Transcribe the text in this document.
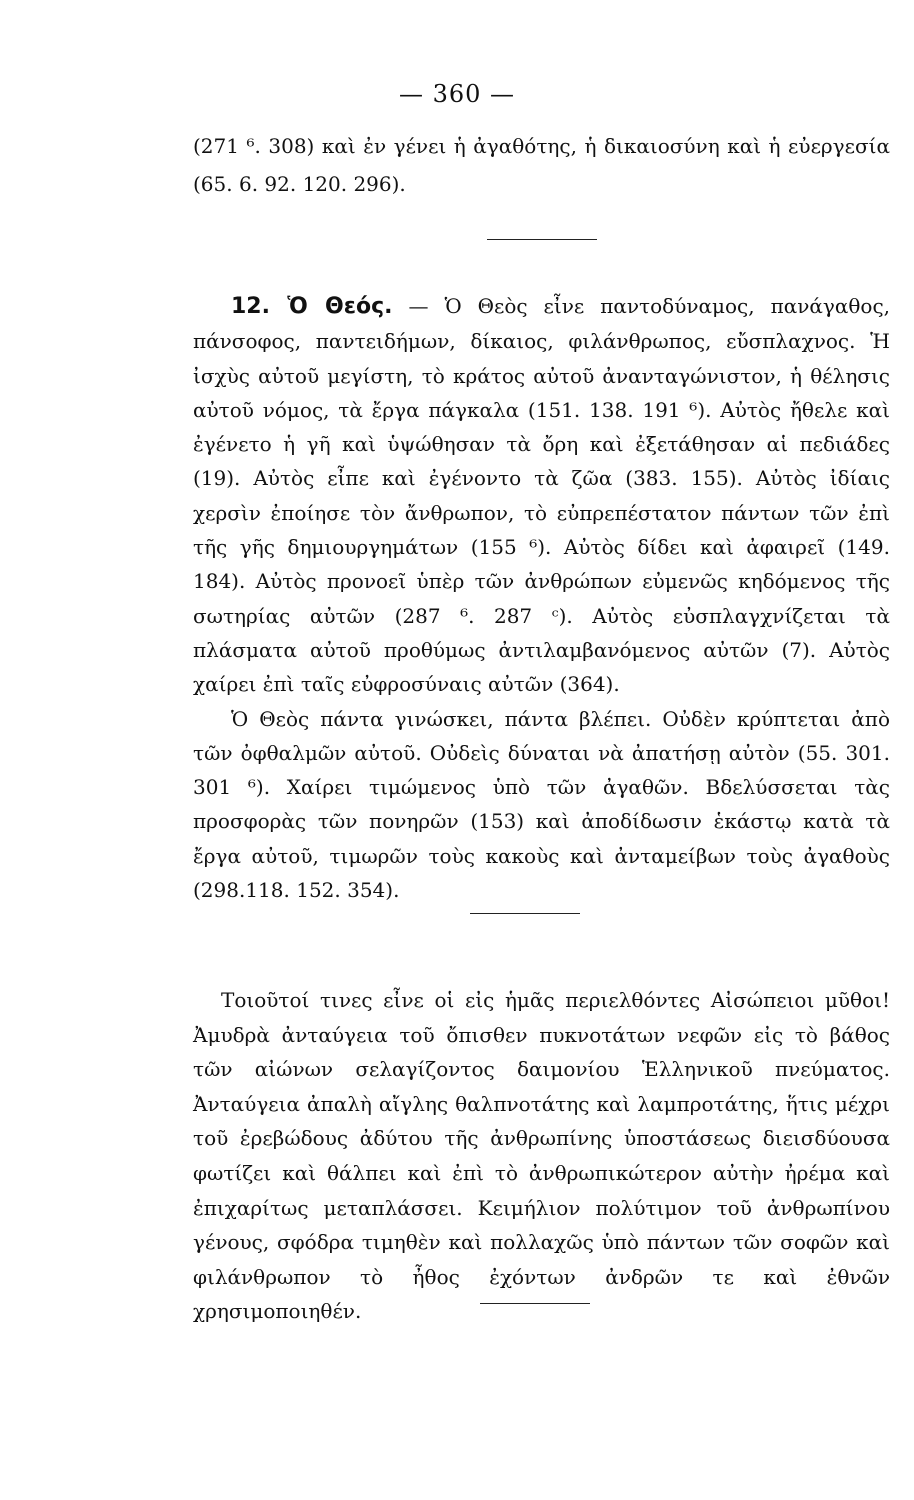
— 360 —

(271 ⁶. 308) καὶ ἐν γένει ἡ ἀγαθότης, ἡ δικαιοσύνη καὶ ἡ εὐεργεσία (65. 6. 92. 120. 296).

12. Ὁ Θεός. — Ὁ Θεὸς εἶνε παντοδύναμος, πανάγαθος, πάνσοφος, παντειδήμων, δίκαιος, φιλάνθρωπος, εὔσπλαχνος. Ἡ ἰσχὺς αὐτοῦ μεγίστη, τὸ κράτος αὐτοῦ ἀνανταγώνιστον, ἡ θέλησις αὐτοῦ νόμος, τὰ ἔργα πάγκαλα (151. 138. 191 ⁶). Αὐτὸς ἤθελε καὶ ἐγένετο ἡ γῆ καὶ ὑψώθησαν τὰ ὄρη καὶ ἐξετάθησαν αἱ πεδιάδες (19). Αὐτὸς εἶπε καὶ ἐγένοντο τὰ ζῶα (383. 155). Αὐτὸς ἰδίαις χερσὶν ἐποίησε τὸν ἄνθρωπον, τὸ εὐπρεπέστατον πάντων τῶν ἐπὶ τῆς γῆς δημιουργημάτων (155 ⁶). Αὐτὸς δίδει καὶ ἀφαιρεῖ (149. 184). Αὐτὸς προνοεῖ ὑπὲρ τῶν ἀνθρώπων εὐμενῶς κηδόμενος τῆς σωτηρίας αὐτῶν (287 ⁶. 287 ᶜ). Αὐτὸς εὐσπλαγχνίζεται τὰ πλάσματα αὐτοῦ προθύμως ἀντιλαμβανόμενος αὐτῶν (7). Αὐτὸς χαίρει ἐπὶ ταῖς εὐφροσύναις αὐτῶν (364).

Ὁ Θεὸς πάντα γινώσκει, πάντα βλέπει. Οὐδὲν κρύπτεται ἀπὸ τῶν ὀφθαλμῶν αὐτοῦ. Οὐδεὶς δύναται νὰ ἀπατήσῃ αὐτὸν (55. 301. 301 ⁶). Χαίρει τιμώμενος ὑπὸ τῶν ἀγαθῶν. Βδελύσσεται τὰς προσφορὰς τῶν πονηρῶν (153) καὶ ἀποδίδωσιν ἑκάστῳ κατὰ τὰ ἔργα αὐτοῦ, τιμωρῶν τοὺς κακοὺς καὶ ἀνταμείβων τοὺς ἀγαθοὺς (298.118. 152. 354).

Τοιοῦτοί τινες εἶνε οἱ εἰς ἡμᾶς περιελθόντες Αἰσώπειοι μῦθοι! Ἀμυδρὰ ἀνταύγεια τοῦ ὄπισθεν πυκνοτάτων νεφῶν εἰς τὸ βάθος τῶν αἰώνων σελαγίζοντος δαιμονίου Ἑλληνικοῦ πνεύματος. Ἀνταύγεια ἀπαλὴ αἴγλης θαλπνοτάτης καὶ λαμπροτάτης, ἥτις μέχρι τοῦ ἐρεβώδους ἀδύτου τῆς ἀνθρωπίνης ὑποστάσεως διεισδύουσα φωτίζει καὶ θάλπει καὶ ἐπὶ τὸ ἀνθρωπικώτερον αὐτὴν ἠρέμα καὶ ἐπιχαρίτως μεταπλάσσει. Κειμήλιον πολύτιμον τοῦ ἀνθρωπίνου γένους, σφόδρα τιμηθὲν καὶ πολλαχῶς ὑπὸ πάντων τῶν σοφῶν καὶ φιλάνθρωπον τὸ ἦθος ἐχόντων ἀνδρῶν τε καὶ ἐθνῶν χρησιμοποιηθέν.
